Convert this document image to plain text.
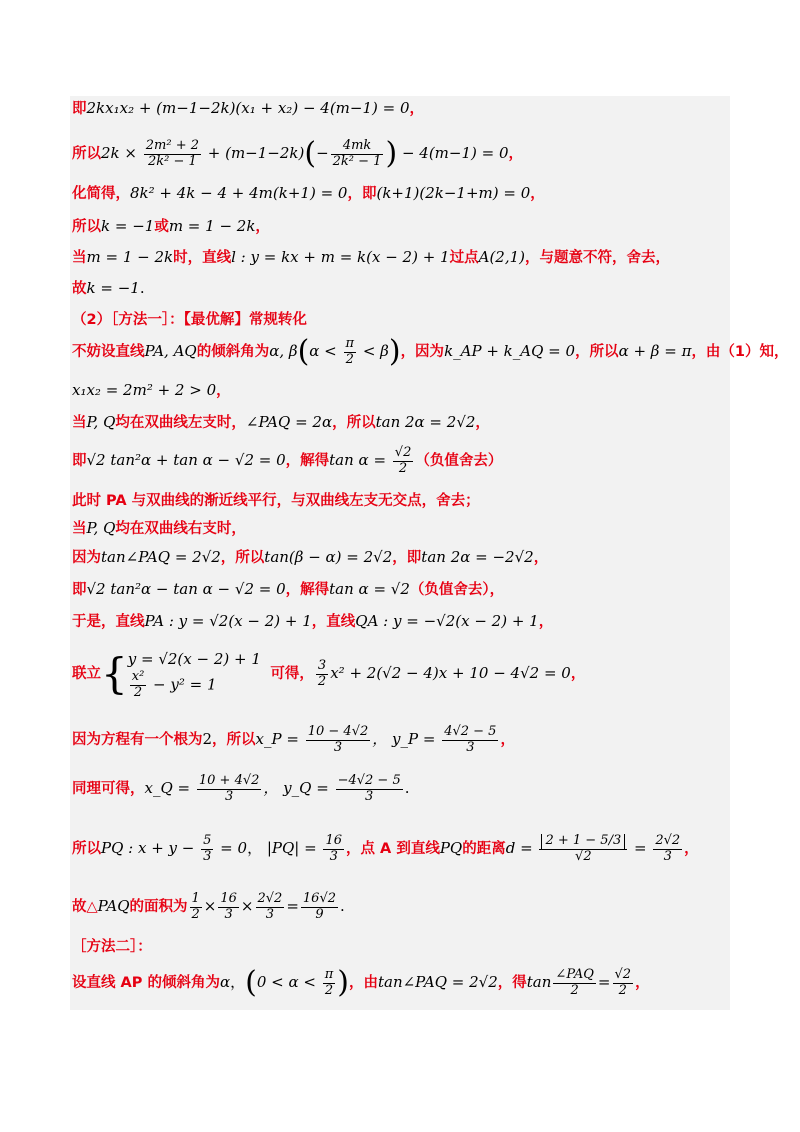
即2kx₁x₂ + (m−1−2k)(x₁ + x₂) − 4(m−1) = 0，
所以$2k \times \frac{\text{2m² + 2}}{\text{2k² − 1}} + (m-1-2k)(- \frac{4mk}{\text{2k² − 1}}$ ) − 4(m−1) = 0，
化简得，8k² + 4k − 4 + 4m(k+1) = 0，即(k+1)(2k−1+m) = 0，
所以k = −1或m = 1 − 2k，
当m = 1 − 2k时，直线l : y = kx + m = k(x − 2) + 1过点A(2,1)，与题意不符，舍去，
故k = −1.
（2）［方法一］：【最优解】常规转化
不妨设直线PA, AQ的倾斜角为α, $\beta(\alpha < \frac{\pi}{2} < \beta)$，因为k_AP + k_AQ = 0，所以α + β = π，由（1）知，
x₁x₂ = 2m² + 2 > 0，
当P, Q均在双曲线左支时，∠PAQ = 2α，所以tan 2α = 2√2，
即√2 tan²α + tan α − √2 = 0，解得$\tan \alpha = \frac{√2}{2}$ （负值舍去）
此时 PA 与双曲线的渐近线平行，与双曲线左支无交点，舍去；
当P, Q均在双曲线右支时，
因为tan∠PAQ = 2√2，所以tan(β − α) = 2√2，即tan 2α = −2√2，
即√2 tan²α − tan α − √2 = 0，解得tan α = √2（负值舍去），
于是，直线PA : y = √2(x − 2) + 1，直线QA : y = −√2(x − 2) + 1，
联立{ y = √2(x − 2) + 1
$\frac{\text{x²}}{2} - y^2 = 1$
可得， $\frac{3}{2} x^2 + 2(√2 - 4)x + 10 - 4√2 = 0$，
因为方程有一个根为2，所以x_P = $\frac{10 - 4√2}{3}$ ， y_P = $\frac{4√2 - 5}{3}$ ，
同理可得，x_Q = $\frac{10 + 4√2}{3}$ ， y_Q = $\frac{-4√2 - 5}{3}$ .
所以PQ : $x + y - \frac{5}{3} = 0$， $|PQ| = \frac{16}{3}$ ，点 A 到直线PQ的距离$d = \frac{2 + 1 - 5/3}{√2} = \frac{2√2}{3}$ ，
故△PAQ的面积为 $\frac{1}{2} \times \frac{16}{3} \times \frac{2√2}{3} = \frac{16√2}{9}$ .
［方法二］：
设直线 AP 的倾斜角为α，($0 < \alpha < \frac{\pi}{2}$ )，由tan∠PAQ = 2√2，得$\tan \frac{\text{∠PAQ}}{2} = \frac{√2}{2}$ ，
